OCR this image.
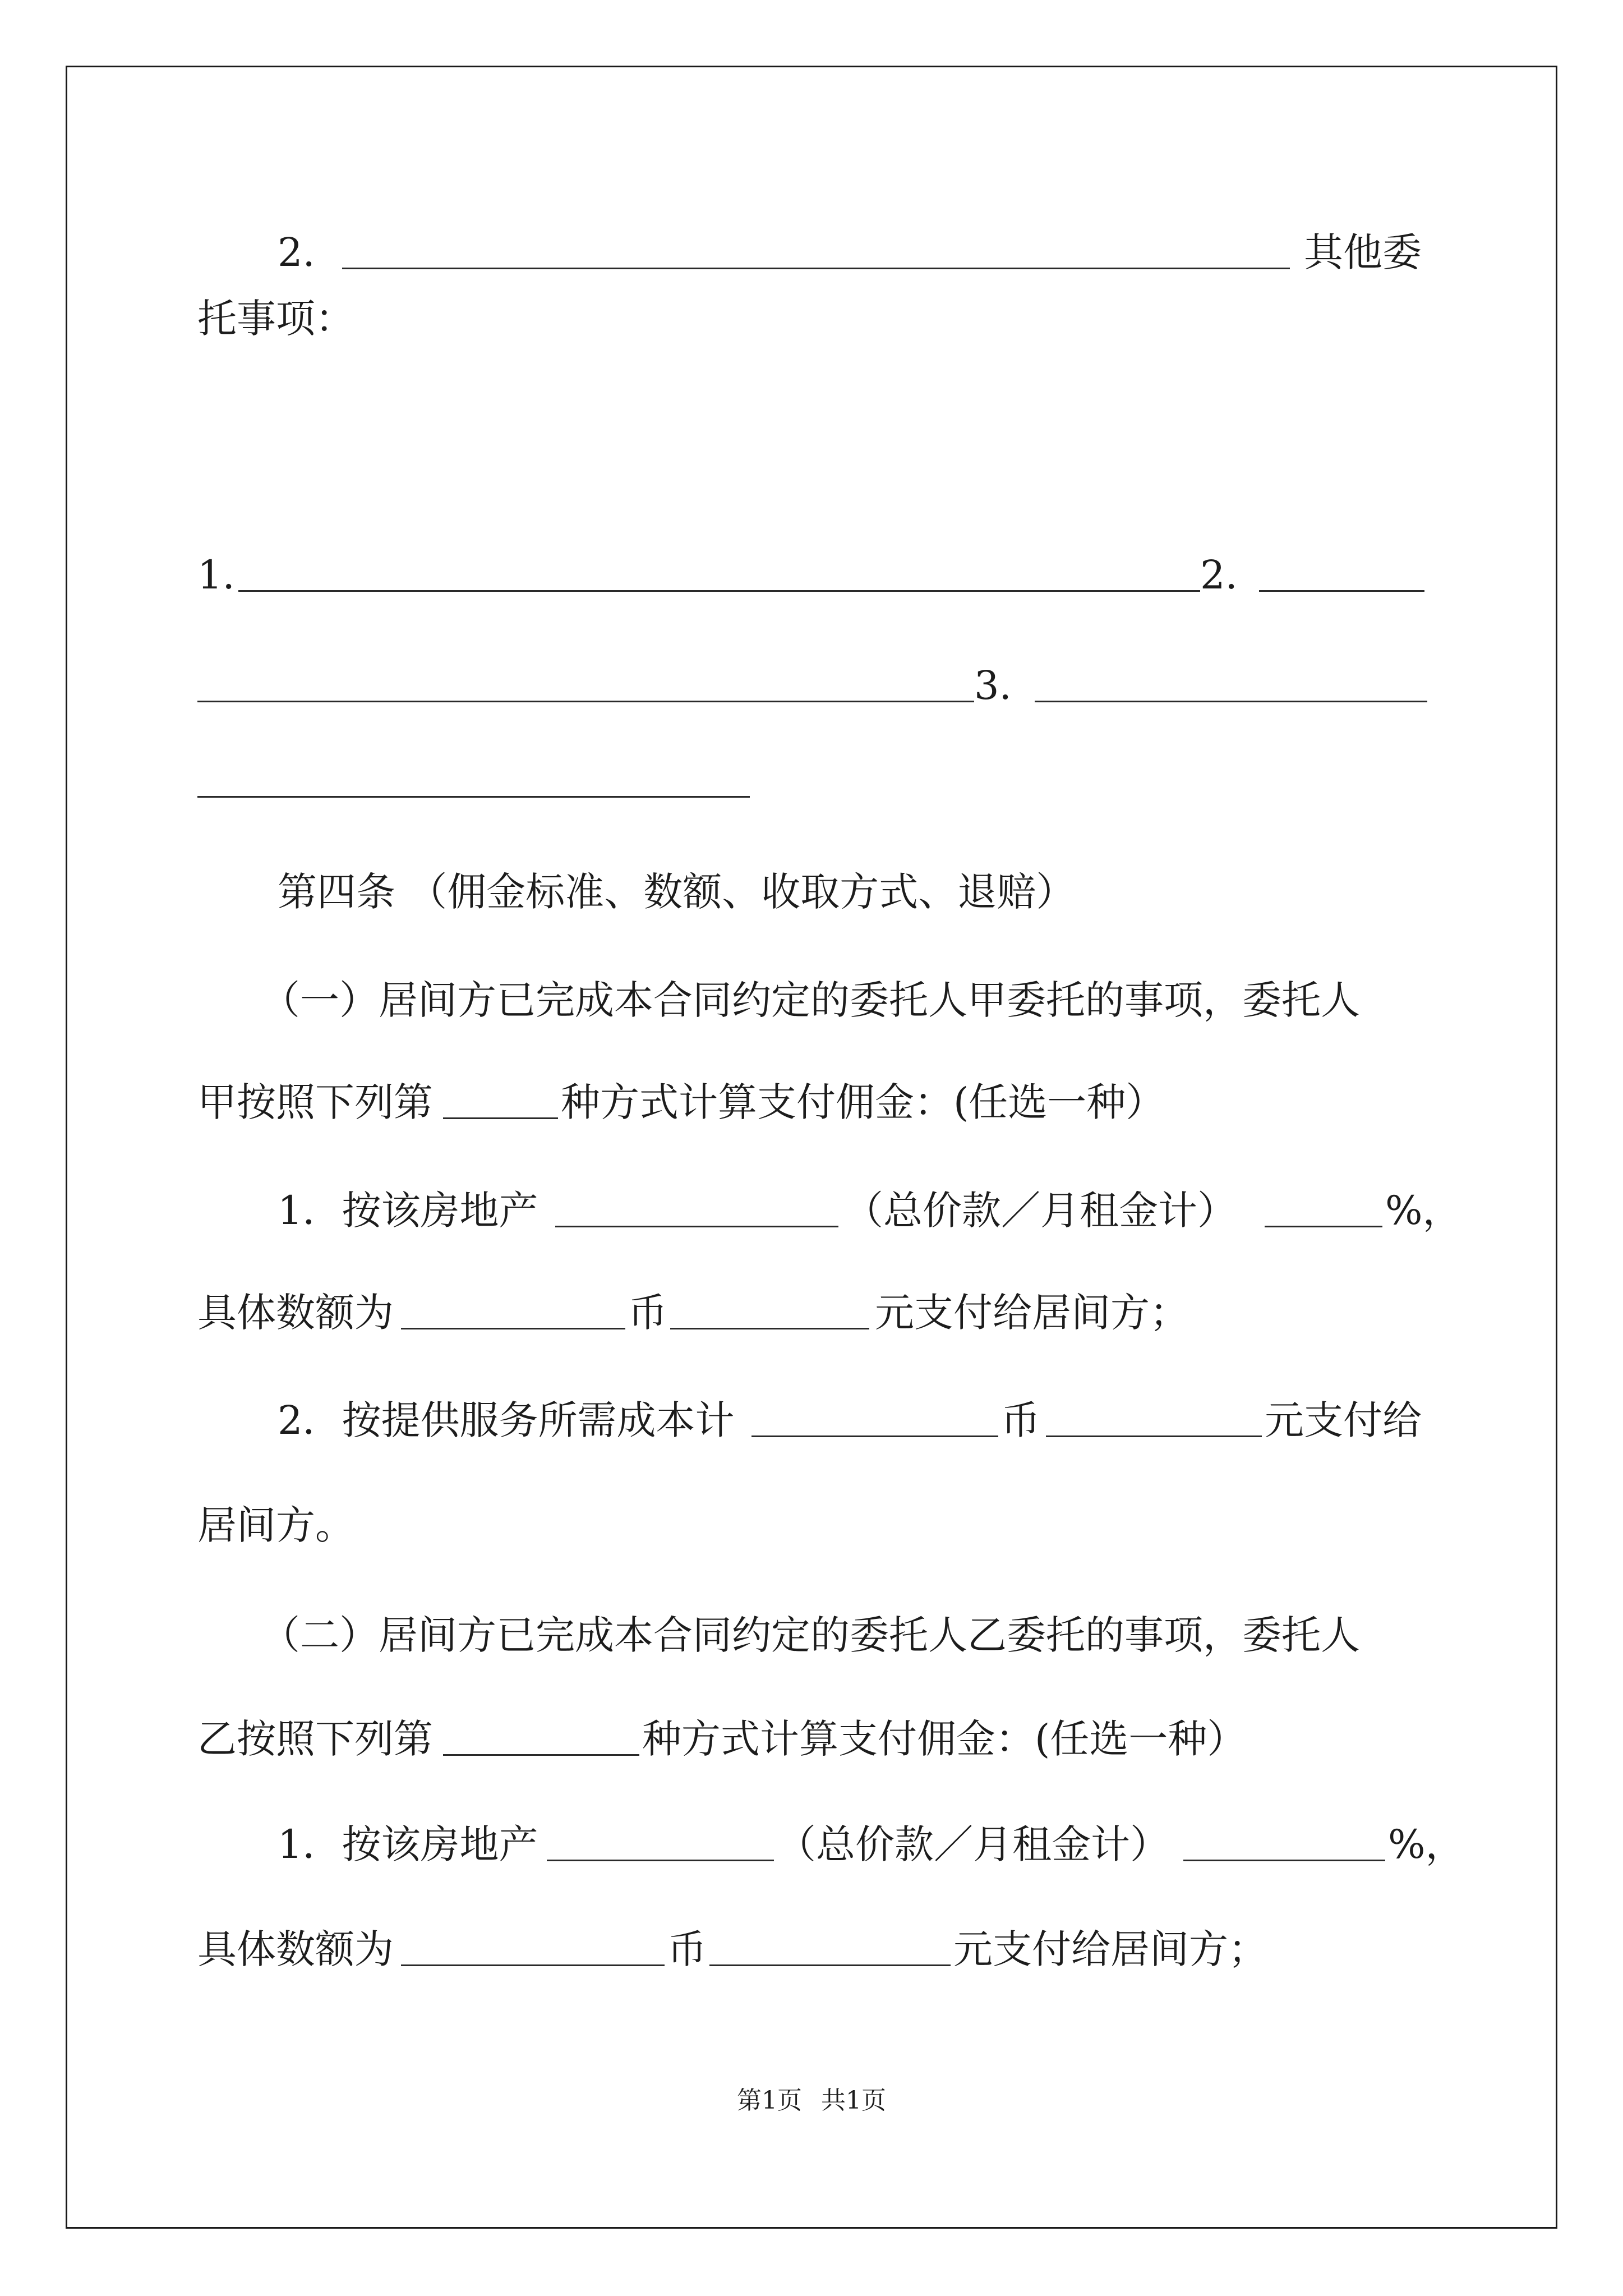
2.	其他委
托事项：
1.	2.
3.
第四条 （佣金标准、数额、收取方式、退赔）
（一）居间方已完成本合同约定的委托人甲委托的事项，委托人
甲按照下列第	种方式计算支付佣金：(任选一种）
1．按该房地产	（总价款／月租金计）	%，
具体数额为	币	元支付给居间方；
2．按提供服务所需成本计	币	元支付给
居间方。
（二）居间方已完成本合同约定的委托人乙委托的事项，委托人
乙按照下列第	种方式计算支付佣金：(任选一种）
1．按该房地产	（总价款／月租金计）	%，
具体数额为	币	元支付给居间方；
第1页 共1页
